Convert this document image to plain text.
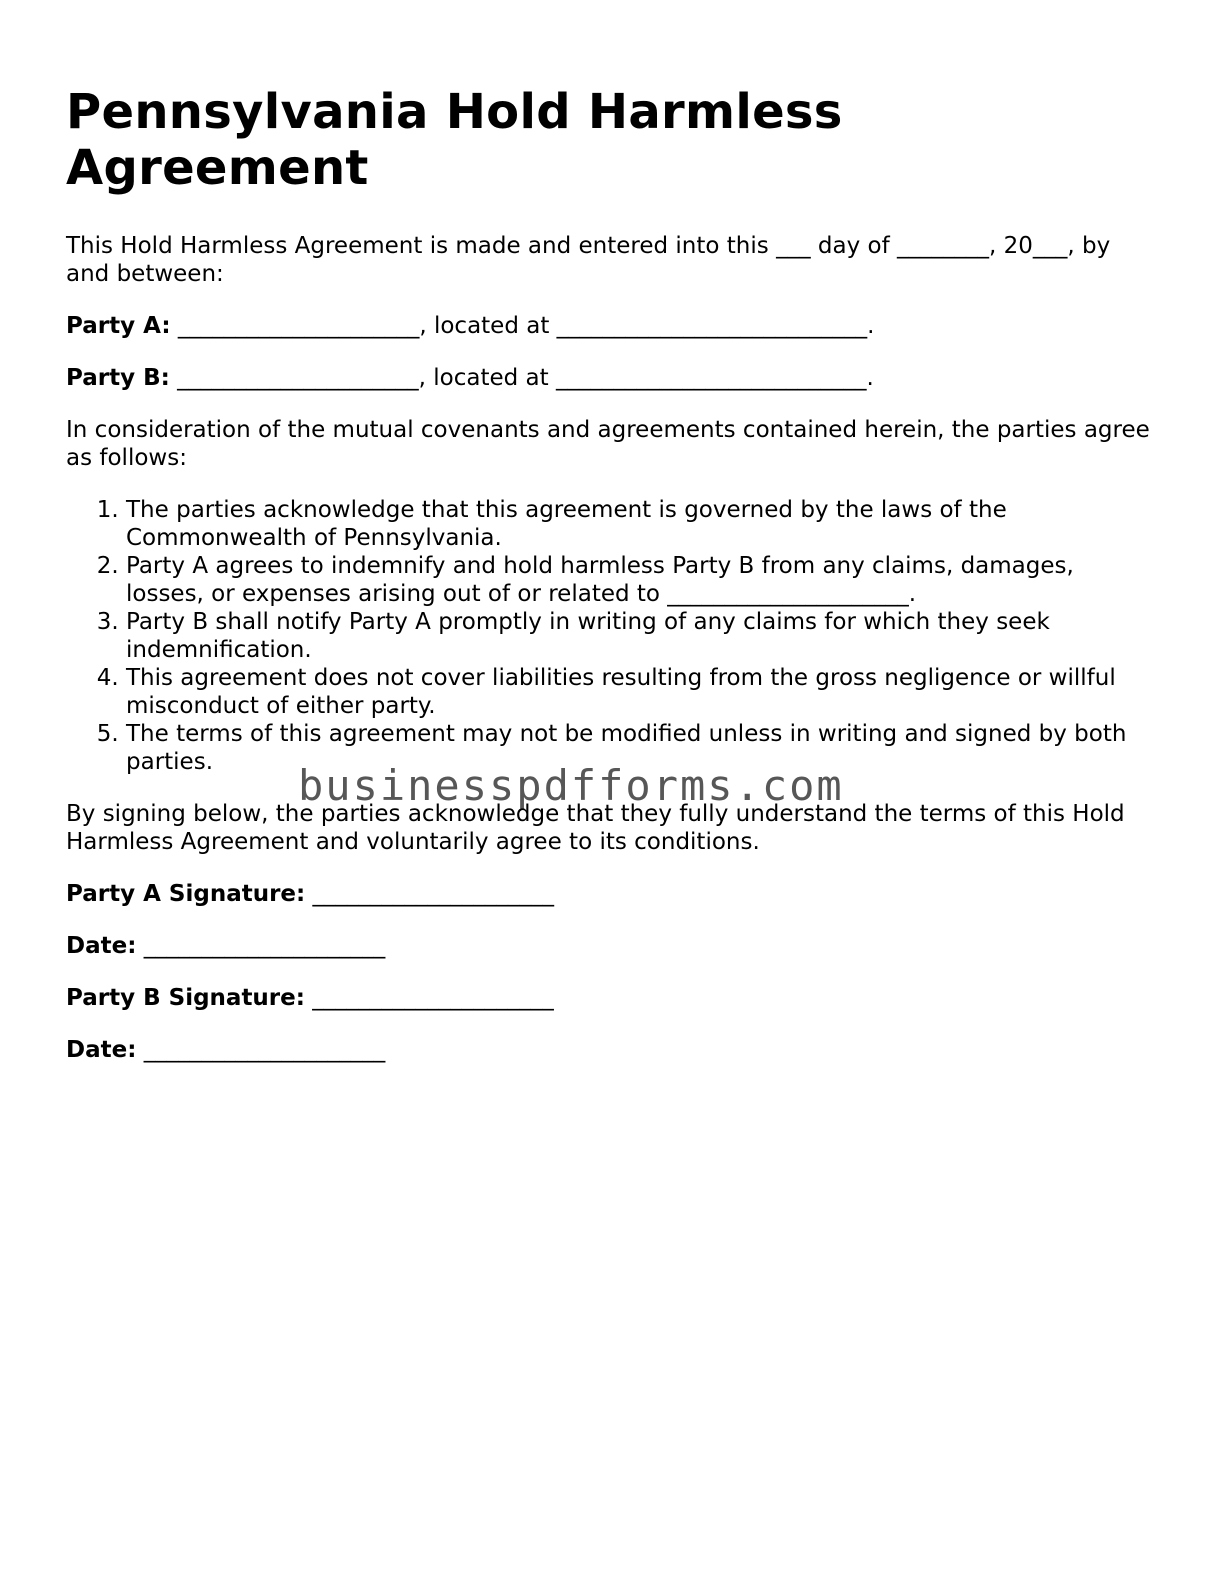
Pennsylvania Hold Harmless Agreement

This Hold Harmless Agreement is made and entered into this ___ day of ________, 20___, by and between:

Party A: _____________________, located at ___________________________.

Party B: _____________________, located at ___________________________.

In consideration of the mutual covenants and agreements contained herein, the parties agree as follows:

1. The parties acknowledge that this agreement is governed by the laws of the Commonwealth of Pennsylvania.
2. Party A agrees to indemnify and hold harmless Party B from any claims, damages, losses, or expenses arising out of or related to _____________________.
3. Party B shall notify Party A promptly in writing of any claims for which they seek indemnification.
4. This agreement does not cover liabilities resulting from the gross negligence or willful misconduct of either party.
5. The terms of this agreement may not be modified unless in writing and signed by both parties.

By signing below, the parties acknowledge that they fully understand the terms of this Hold Harmless Agreement and voluntarily agree to its conditions.

Party A Signature: _____________________
Date: _____________________
Party B Signature: _____________________
Date: _____________________
businesspdfforms.com
